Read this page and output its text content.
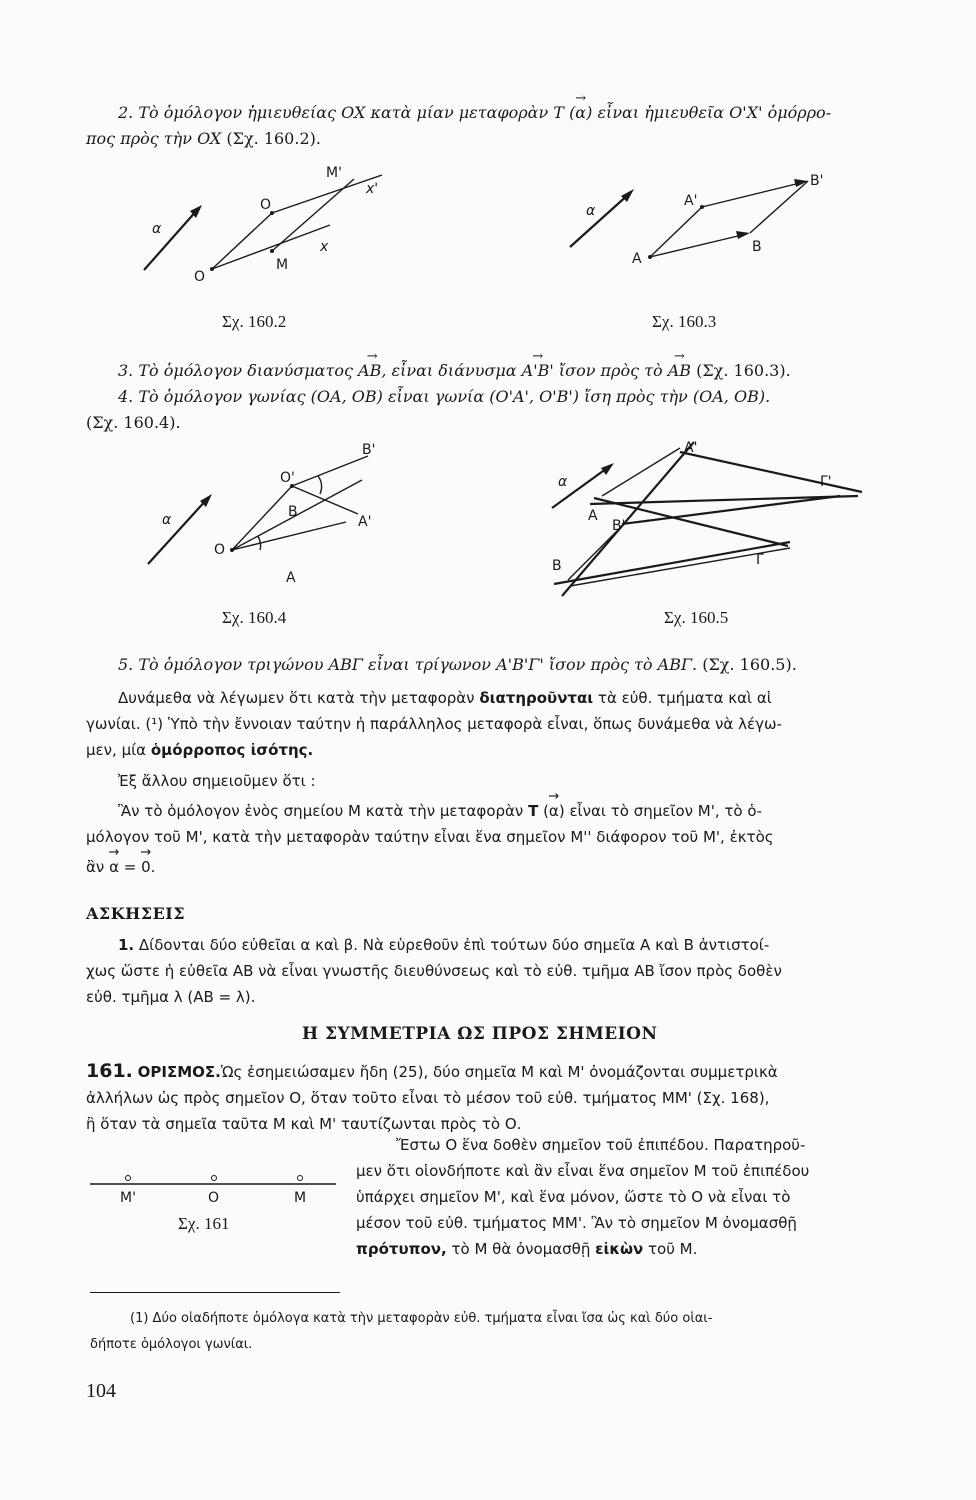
2. Τὸ ὁμόλογον ἡμιευθείας OX κατὰ μίαν μεταφορὰν T → (α) εἶναι ἡμιευθεῖα O'X' ὁμόρρο-
πος πρὸς τὴν OX (Σχ. 160.2).
α
O
O
M
M'
x
x'
Σχ. 160.2
α
A
A'
B
B'
Σχ. 160.3
3. Τὸ ὁμόλογον διανύσματος → AB, εἶναι διάνυσμα → A'B' ἴσον πρὸς τὸ → AB (Σχ. 160.3).
4. Τὸ ὁμόλογον γωνίας (OA, OB) εἶναι γωνία (O'A', O'B') ἴση πρὸς τὴν (OA, OB).
(Σχ. 160.4).
α
O
O'
A
A'
B
B'
Σχ. 160.4
α
A
A'
B
B'
Γ
Γ'
Σχ. 160.5
5. Τὸ ὁμόλογον τριγώνου ΑΒΓ εἶναι τρίγωνον Α'Β'Γ' ἴσον πρὸς τὸ ΑΒΓ. (Σχ. 160.5).
Δυνάμεθα νὰ λέγωμεν ὅτι κατὰ τὴν μεταφορὰν διατηροῦνται τὰ εὐθ. τμήματα καὶ αἱ
γωνίαι. (¹) Ὑπὸ τὴν ἔννοιαν ταύτην ἡ παράλληλος μεταφορὰ εἶναι, ὅπως δυνάμεθα νὰ λέγω-
μεν, μία ὁμόρροπος ἰσότης.
Ἐξ ἄλλου σημειοῦμεν ὅτι :
Ἂν τὸ ὁμόλογον ἑνὸς σημείου Μ κατὰ τὴν μεταφορὰν T → (α) εἶναι τὸ σημεῖον Μ', τὸ ὁ-
μόλογον τοῦ Μ', κατὰ τὴν μεταφορὰν ταύτην εἶναι ἕνα σημεῖον Μ'' διάφορον τοῦ Μ', ἐκτὸς
ἂν → α = → 0.
ΑΣΚΗΣΕΙΣ
1. Δίδονται δύο εὐθεῖαι α καὶ β. Νὰ εὑρεθοῦν ἐπὶ τούτων δύο σημεῖα Α καὶ Β ἀντιστοί-
χως ὥστε ἡ εὐθεῖα ΑΒ νὰ εἶναι γνωστῆς διευθύνσεως καὶ τὸ εὐθ. τμῆμα ΑΒ ἴσον πρὸς δοθὲν
εὐθ. τμῆμα λ (ΑΒ = λ).
Η ΣΥΜΜΕΤΡΙΑ ΩΣ ΠΡΟΣ ΣΗΜΕΙΟΝ
161. ΟΡΙΣΜΟΣ.Ὡς ἐσημειώσαμεν ἤδη (25), δύο σημεῖα Μ καὶ Μ' ὀνομάζονται συμμετρικὰ
ἀλλήλων ὡς πρὸς σημεῖον Ο, ὅταν τοῦτο εἶναι τὸ μέσον τοῦ εὐθ. τμήματος ΜΜ' (Σχ. 168),
ἢ ὅταν τὰ σημεῖα ταῦτα Μ καὶ Μ' ταυτίζωνται πρὸς τὸ Ο.
M'	O	M
Σχ. 161
Ἔστω Ο ἕνα δοθὲν σημεῖον τοῦ ἐπιπέδου. Παρατηροῦ-
μεν ὅτι οἱονδήποτε καὶ ἂν εἶναι ἕνα σημεῖον Μ τοῦ ἐπιπέδου
ὑπάρχει σημεῖον Μ', καὶ ἕνα μόνον, ὥστε τὸ Ο νὰ εἶναι τὸ
μέσον τοῦ εὐθ. τμήματος ΜΜ'. Ἂν τὸ σημεῖον Μ ὀνομασθῇ
πρότυπον, τὸ Μ θὰ ὀνομασθῇ εἰκὼν τοῦ Μ.
(1) Δύο οἱαδήποτε ὁμόλογα κατὰ τὴν μεταφορὰν εὐθ. τμήματα εἶναι ἴσα ὡς καὶ δύο οἱαι-
δήποτε ὁμόλογοι γωνίαι.
104
